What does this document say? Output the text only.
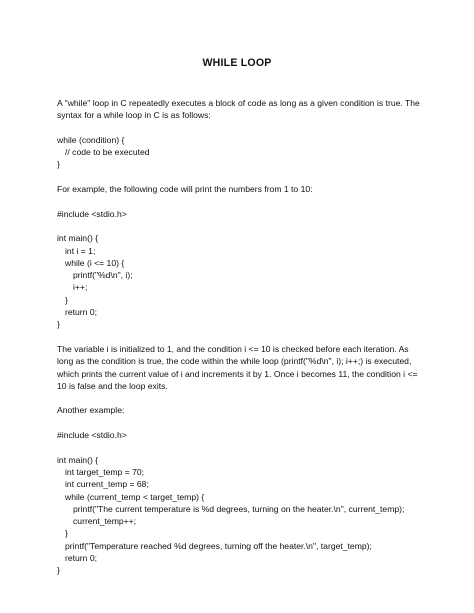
WHILE LOOP
A "while" loop in C repeatedly executes a block of code as long as a given condition is true. The
syntax for a while loop in C is as follows:
while (condition) {
// code to be executed
}
For example, the following code will print the numbers from 1 to 10:
#include <stdio.h>
int main() {
int i = 1;
while (i <= 10) {
printf("%d\n", i);
i++;
}
return 0;
}
The variable i is initialized to 1, and the condition i <= 10 is checked before each iteration. As
long as the condition is true, the code within the while loop (printf("%d\n", i); i++;) is executed,
which prints the current value of i and increments it by 1. Once i becomes 11, the condition i <=
10 is false and the loop exits.
Another example:
#include <stdio.h>
int main() {
int target_temp = 70;
int current_temp = 68;
while (current_temp < target_temp) {
printf("The current temperature is %d degrees, turning on the heater.\n", current_temp);
current_temp++;
}
printf("Temperature reached %d degrees, turning off the heater.\n", target_temp);
return 0;
}
